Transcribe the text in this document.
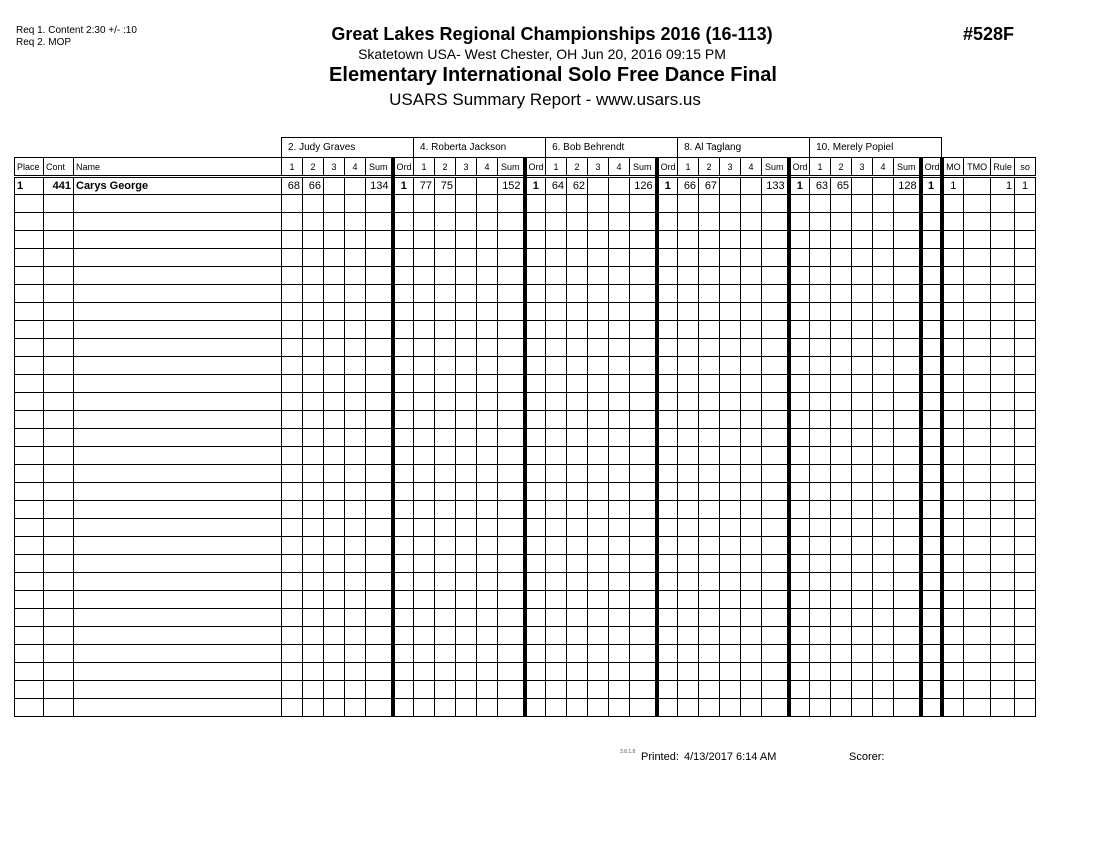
Req 1. Content 2:30 +/- :10
Req 2. MOP	Great Lakes Regional Championships 2016 (16-113)
Skatetown USA- West Chester, OH Jun 20, 2016 09:15 PM
Elementary International Solo Free Dance Final
USARS Summary Report - www.usars.us
#528F
			2. Judy Graves						4. Roberta Jackson						6. Bob Behrendt						8. Al Taglang						10. Merely Popiel									
Place	Cont	Name	1	2	3	4	Sum	Ord	1	2	3	4	Sum	Ord	1	2	3	4	Sum	Ord	1	2	3	4	Sum	Ord	1	2	3	4	Sum	Ord	MO	TMO	Rule	so
1	441	Carys George	68	66			134	1	77	75			152	1	64	62			126	1	66	67			133	1	63	65			128	1	1		1	1

3.8.1.8 Printed: 4/13/2017 6:14 AM	Scorer:
